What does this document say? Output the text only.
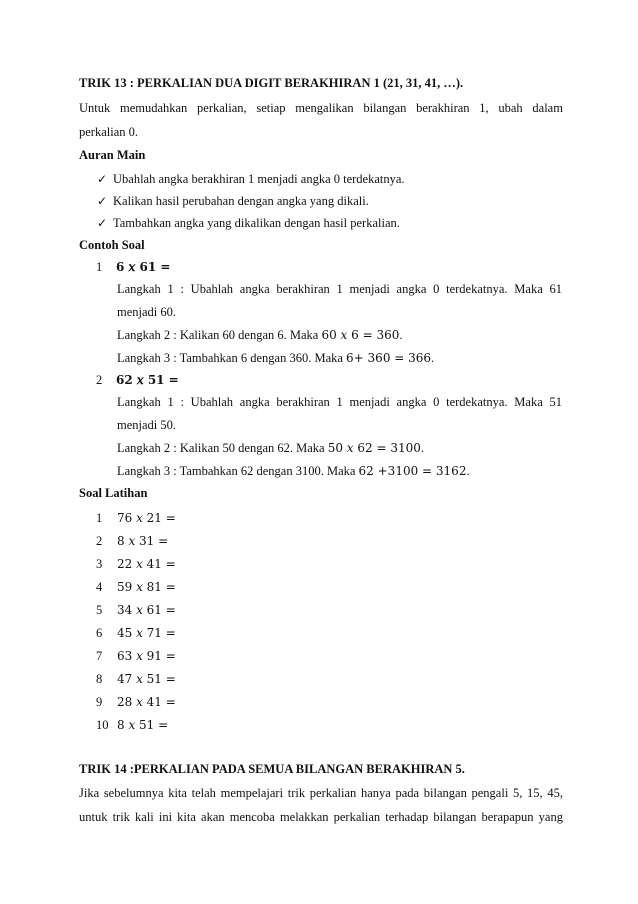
TRIK 13 : PERKALIAN DUA DIGIT BERAKHIRAN 1 (21, 31, 41, …).
Untuk memudahkan perkalian, setiap mengalikan bilangan berakhiran 1, ubah dalam
perkalian 0.
Auran Main
✓ Ubahlah angka berakhiran 1 menjadi angka 0 terdekatnya.
✓ Kalikan hasil perubahan dengan angka yang dikali.
✓ Tambahkan angka yang dikalikan dengan hasil perkalian.
Contoh Soal
1 6 𝑥 61 =
Langkah 1 : Ubahlah angka berakhiran 1 menjadi angka 0 terdekatnya. Maka 61
menjadi 60.
Langkah 2 : Kalikan 60 dengan 6. Maka 60 𝑥 6 = 360.
Langkah 3 : Tambahkan 6 dengan 360. Maka 6+ 360 = 366.
2 62 𝑥 51 =
Langkah 1 : Ubahlah angka berakhiran 1 menjadi angka 0 terdekatnya. Maka 51
menjadi 50.
Langkah 2 : Kalikan 50 dengan 62. Maka 50 𝑥 62 = 3100.
Langkah 3 : Tambahkan 62 dengan 3100. Maka 62 +3100 = 3162.
Soal Latihan
1 76 𝑥 21 =
2 8 𝑥 31 =
3 22 𝑥 41 =
4 59 𝑥 81 =
5 34 𝑥 61 =
6 45 𝑥 71 =
7 63 𝑥 91 =
8 47 𝑥 51 =
9 28 𝑥 41 =
10 8 𝑥 51 =
TRIK 14 :PERKALIAN PADA SEMUA BILANGAN BERAKHIRAN 5.
Jika sebelumnya kita telah mempelajari trik perkalian hanya pada bilangan pengali 5, 15, 45,
untuk trik kali ini kita akan mencoba melakkan perkalian terhadap bilangan berapapun yang
